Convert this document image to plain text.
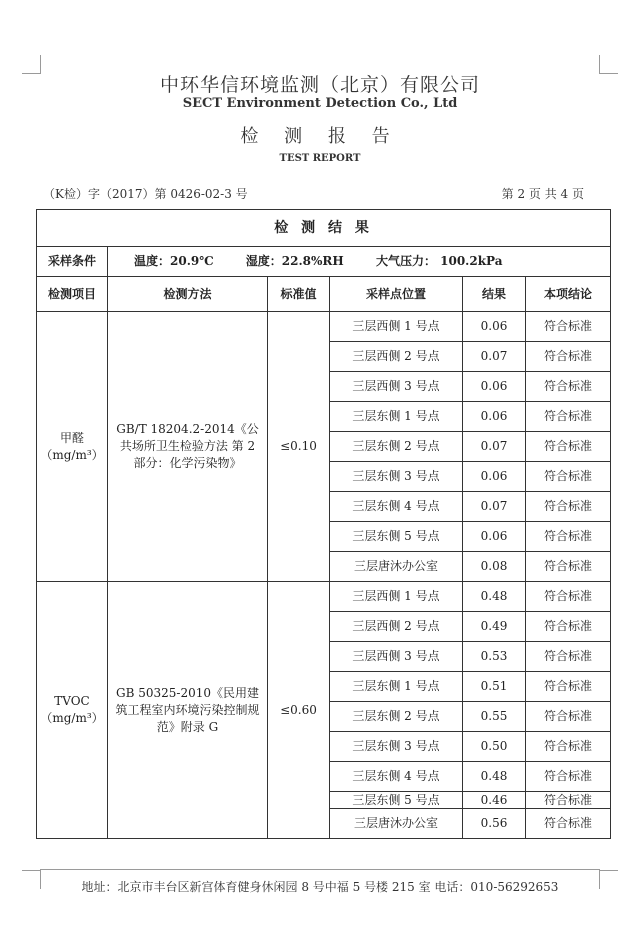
中环华信环境监测（北京）有限公司
SECT Environment Detection Co., Ltd
检 测 报 告
TEST REPORT
（K检）字（2017）第 0426-02-3 号	第 2 页 共 4 页
检 测 结 果					
采样条件	温度：20.9℃ 湿度：22.8%RH 大气压力： 100.2kPa				
检测项目	检测方法	标准值	采样点位置	结果	本项结论
甲醛
（mg/m³）	GB/T 18204.2-2014《公共场所卫生检验方法 第 2 部分：化学污染物》	≤0.10	三层西侧 1 号点	0.06	符合标准
			三层西侧 2 号点	0.07	符合标准
			三层西侧 3 号点	0.06	符合标准
			三层东侧 1 号点	0.06	符合标准
			三层东侧 2 号点	0.07	符合标准
			三层东侧 3 号点	0.06	符合标准
			三层东侧 4 号点	0.07	符合标准
			三层东侧 5 号点	0.06	符合标准
			三层唐沐办公室	0.08	符合标准
TVOC
（mg/m³）	GB 50325-2010《民用建筑工程室内环境污染控制规范》附录 G	≤0.60	三层西侧 1 号点	0.48	符合标准
			三层西侧 2 号点	0.49	符合标准
			三层西侧 3 号点	0.53	符合标准
			三层东侧 1 号点	0.51	符合标准
			三层东侧 2 号点	0.55	符合标准
			三层东侧 3 号点	0.50	符合标准
			三层东侧 4 号点	0.48	符合标准
			三层东侧 5 号点	0.46	符合标准
			三层唐沐办公室	0.56	符合标准
地址：北京市丰台区新宫体育健身休闲园 8 号中福 5 号楼 215 室 电话：010-56292653
